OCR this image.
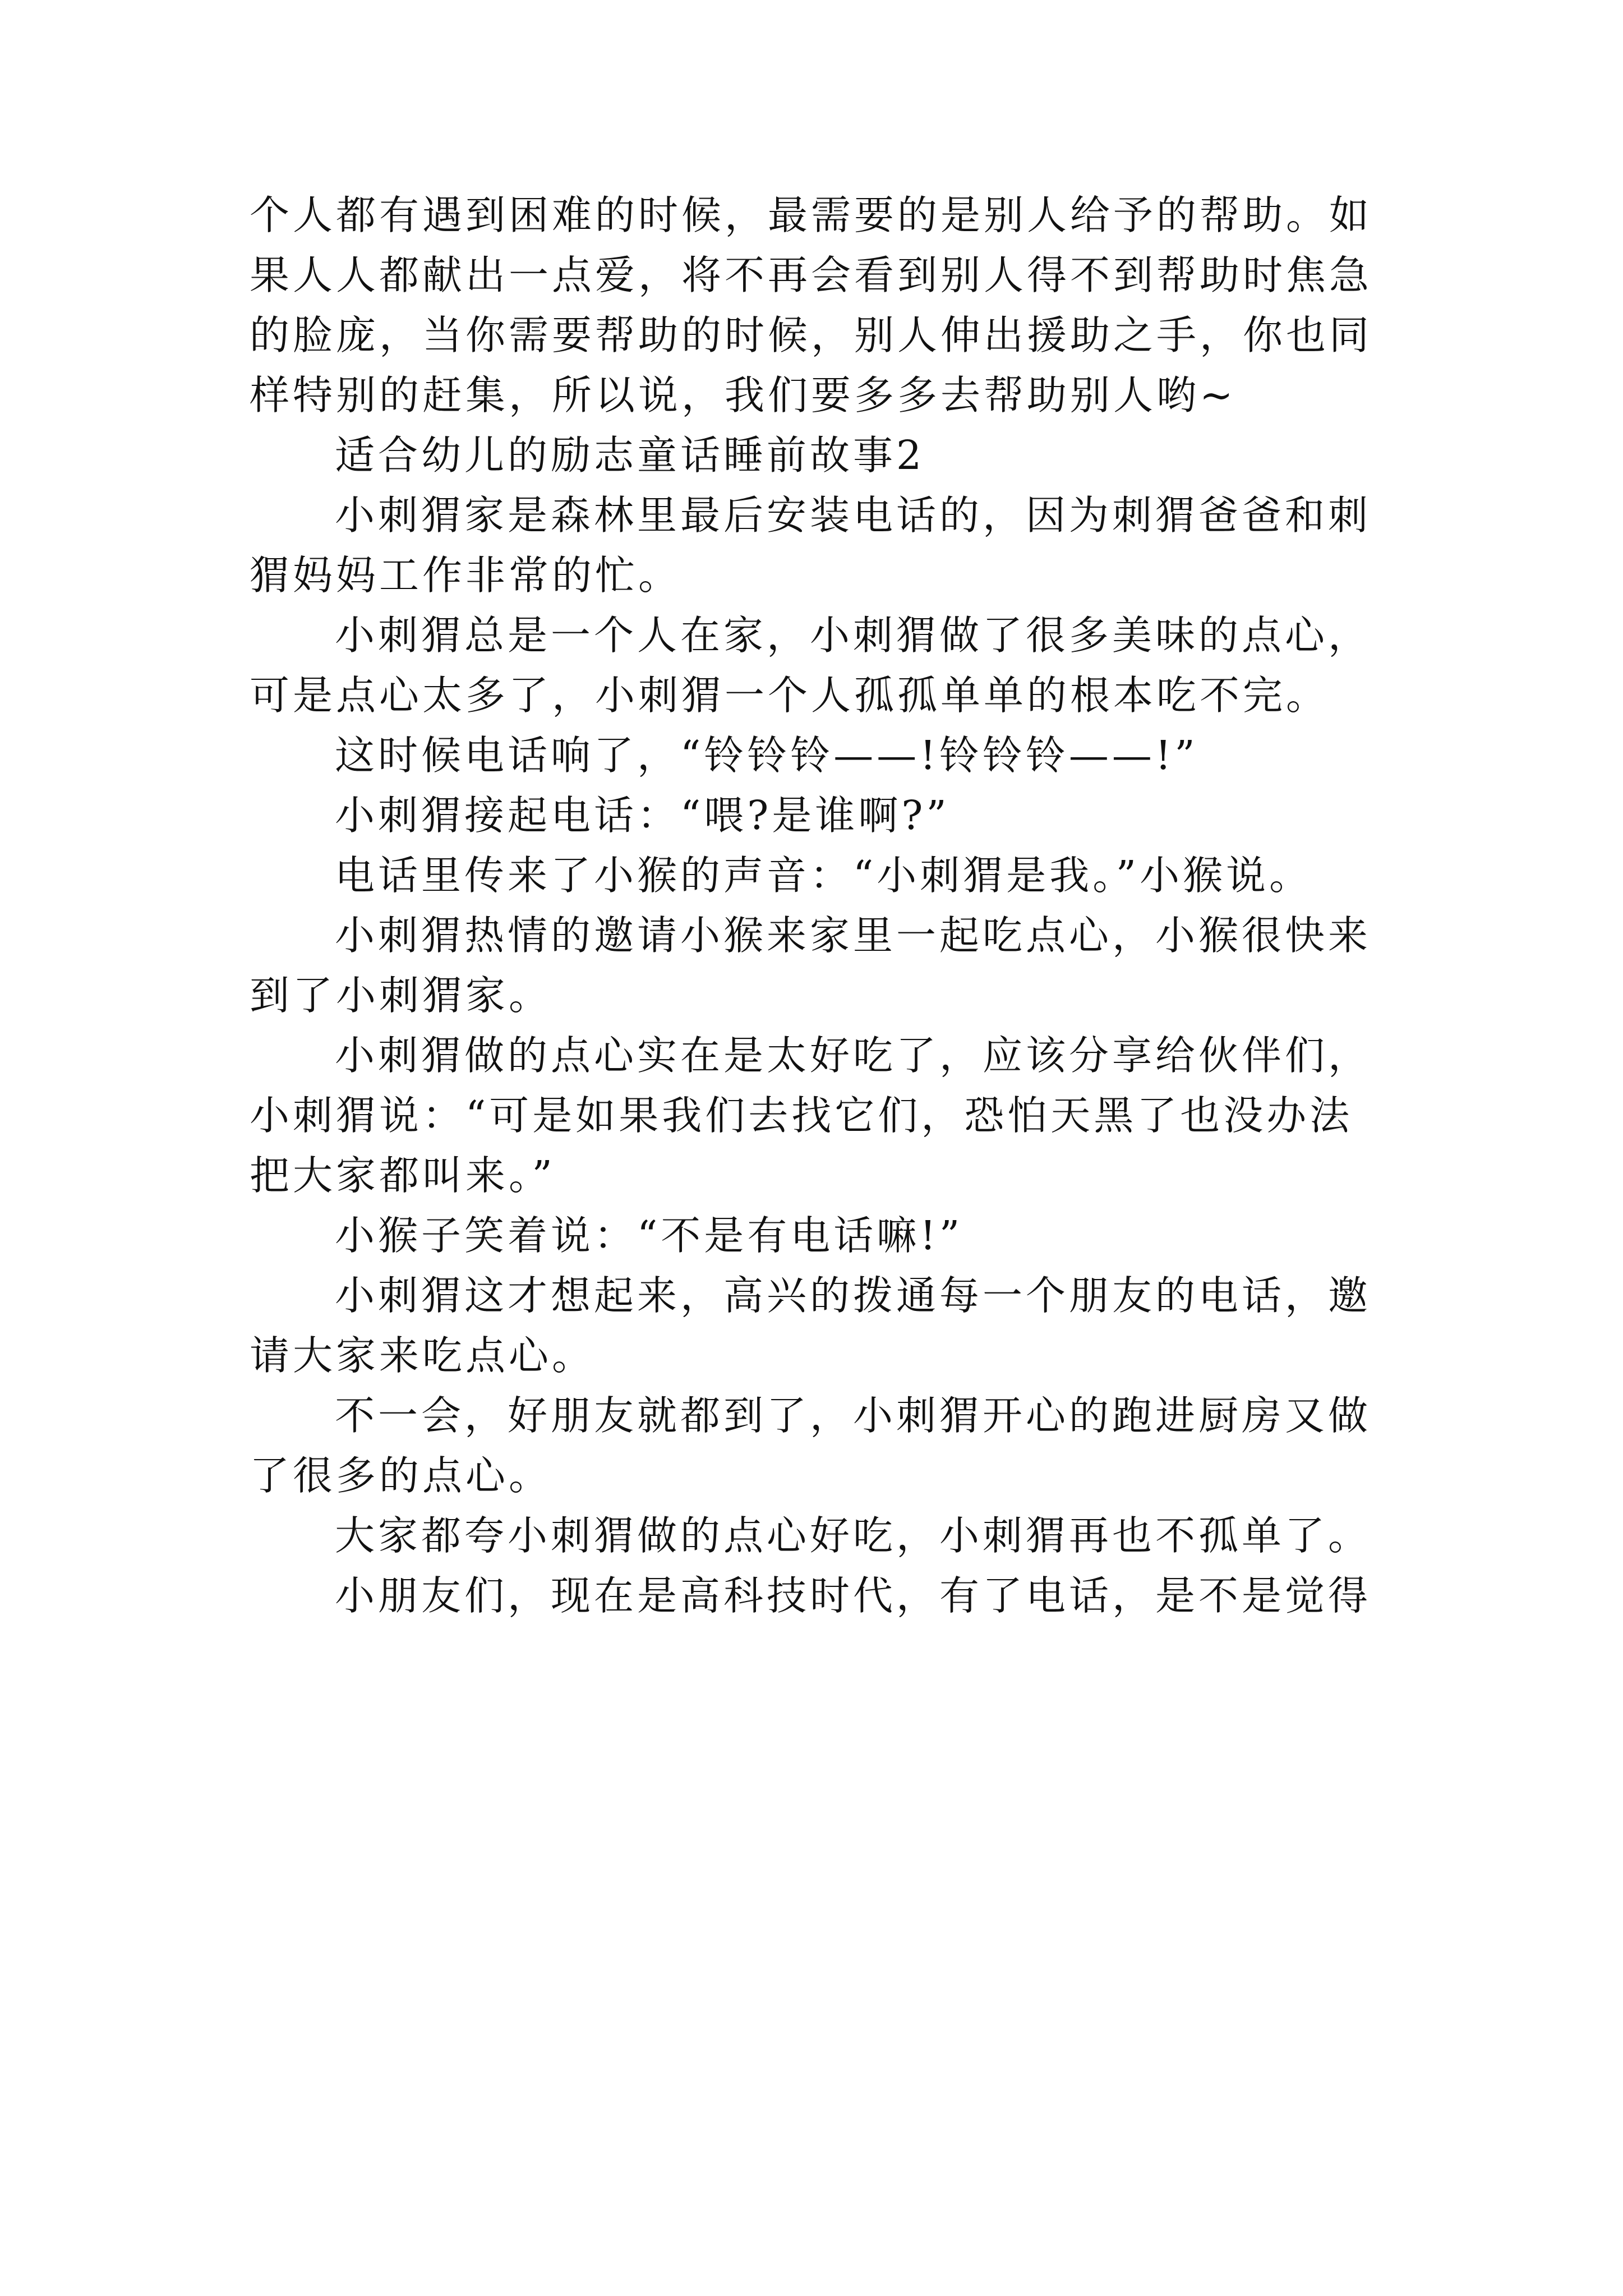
个人都有遇到困难的时候，最需要的是别人给予的帮助。如果人人都献出一点爱，将不再会看到别人得不到帮助时焦急的脸庞，当你需要帮助的时候，别人伸出援助之手，你也同样特别的赶集，所以说，我们要多多去帮助别人哟~

适合幼儿的励志童话睡前故事2

小刺猬家是森林里最后安装电话的，因为刺猬爸爸和刺猬妈妈工作非常的忙。

小刺猬总是一个人在家，小刺猬做了很多美味的点心，可是点心太多了，小刺猬一个人孤孤单单的根本吃不完。

这时候电话响了，“铃铃铃——!铃铃铃——!”

小刺猬接起电话：“喂?是谁啊?”

电话里传来了小猴的声音：“小刺猬是我。”小猴说。

小刺猬热情的邀请小猴来家里一起吃点心，小猴很快来到了小刺猬家。

小刺猬做的点心实在是太好吃了，应该分享给伙伴们，小刺猬说：“可是如果我们去找它们，恐怕天黑了也没办法把大家都叫来。”

小猴子笑着说：“不是有电话嘛!”

小刺猬这才想起来，高兴的拨通每一个朋友的电话，邀请大家来吃点心。

不一会，好朋友就都到了，小刺猬开心的跑进厨房又做了很多的点心。

大家都夸小刺猬做的点心好吃，小刺猬再也不孤单了。

小朋友们，现在是高科技时代，有了电话，是不是觉得
